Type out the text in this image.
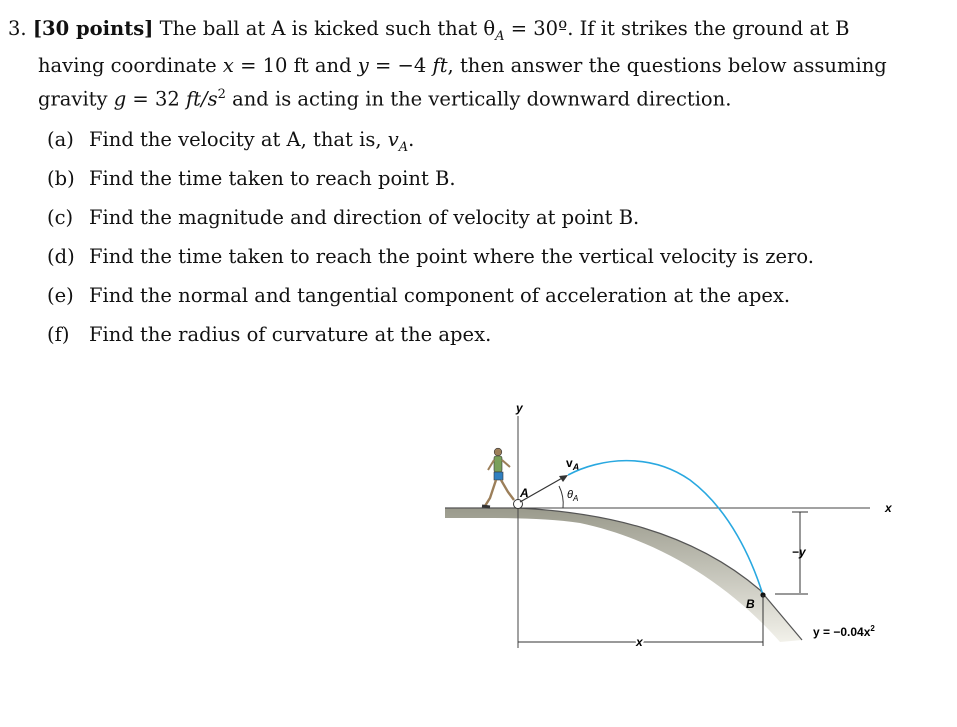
3. [30 points] The ball at A is kicked such that $\theta_A$ = 30º. If it strikes the ground at B
having coordinate x = 10 ft and y = −4 ft, then answer the questions below assuming
gravity g = 32 $ft/s^2$ and is acting in the vertically downward direction.
(a) Find the velocity at A, that is, $v_A$.
(b) Find the time taken to reach point B.
(c) Find the magnitude and direction of velocity at point B.
(d) Find the time taken to reach the point where the vertical velocity is zero.
(e) Find the normal and tangential component of acceleration at the apex.
(f) Find the radius of curvature at the apex.
y
x
A
$v_A$
$\theta_A$
B
−y
x
$y = -0.04x^2$
